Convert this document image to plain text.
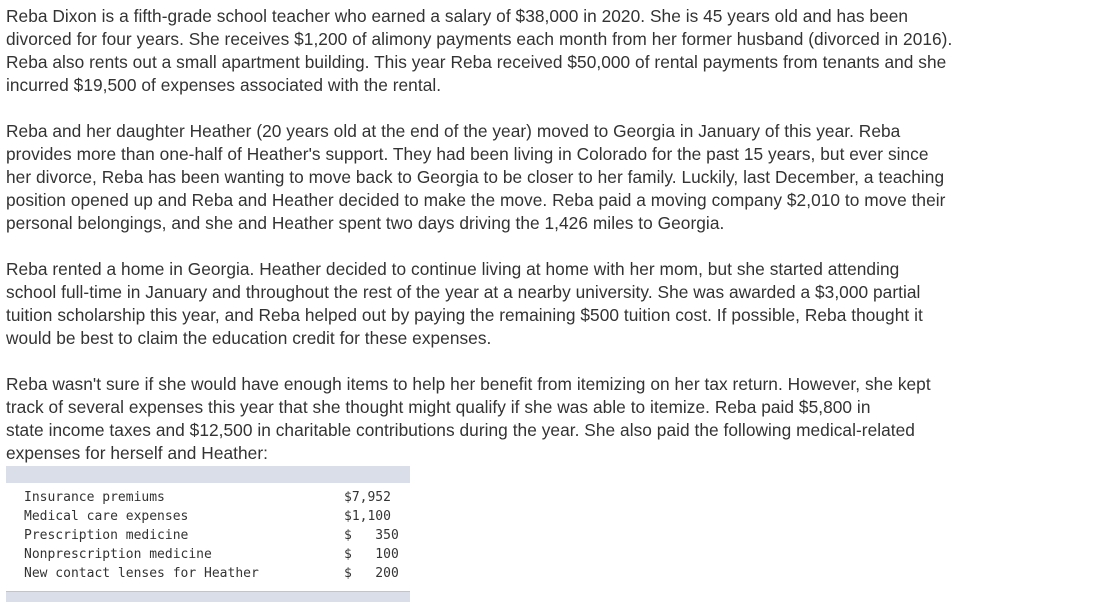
Reba Dixon is a fifth-grade school teacher who earned a salary of $38,000 in 2020. She is 45 years old and has been
divorced for four years. She receives $1,200 of alimony payments each month from her former husband (divorced in 2016).
Reba also rents out a small apartment building. This year Reba received $50,000 of rental payments from tenants and she
incurred $19,500 of expenses associated with the rental.

Reba and her daughter Heather (20 years old at the end of the year) moved to Georgia in January of this year. Reba
provides more than one-half of Heather's support. They had been living in Colorado for the past 15 years, but ever since
her divorce, Reba has been wanting to move back to Georgia to be closer to her family. Luckily, last December, a teaching
position opened up and Reba and Heather decided to make the move. Reba paid a moving company $2,010 to move their
personal belongings, and she and Heather spent two days driving the 1,426 miles to Georgia.

Reba rented a home in Georgia. Heather decided to continue living at home with her mom, but she started attending
school full-time in January and throughout the rest of the year at a nearby university. She was awarded a $3,000 partial
tuition scholarship this year, and Reba helped out by paying the remaining $500 tuition cost. If possible, Reba thought it
would be best to claim the education credit for these expenses.

Reba wasn't sure if she would have enough items to help her benefit from itemizing on her tax return. However, she kept
track of several expenses this year that she thought might qualify if she was able to itemize. Reba paid $5,800 in
state income taxes and $12,500 in charitable contributions during the year. She also paid the following medical-related
expenses for herself and Heather:

Insurance premiums	$7,952
Medical care expenses	$1,100
Prescription medicine	$   350
Nonprescription medicine	$   100
New contact lenses for Heather	$   200
